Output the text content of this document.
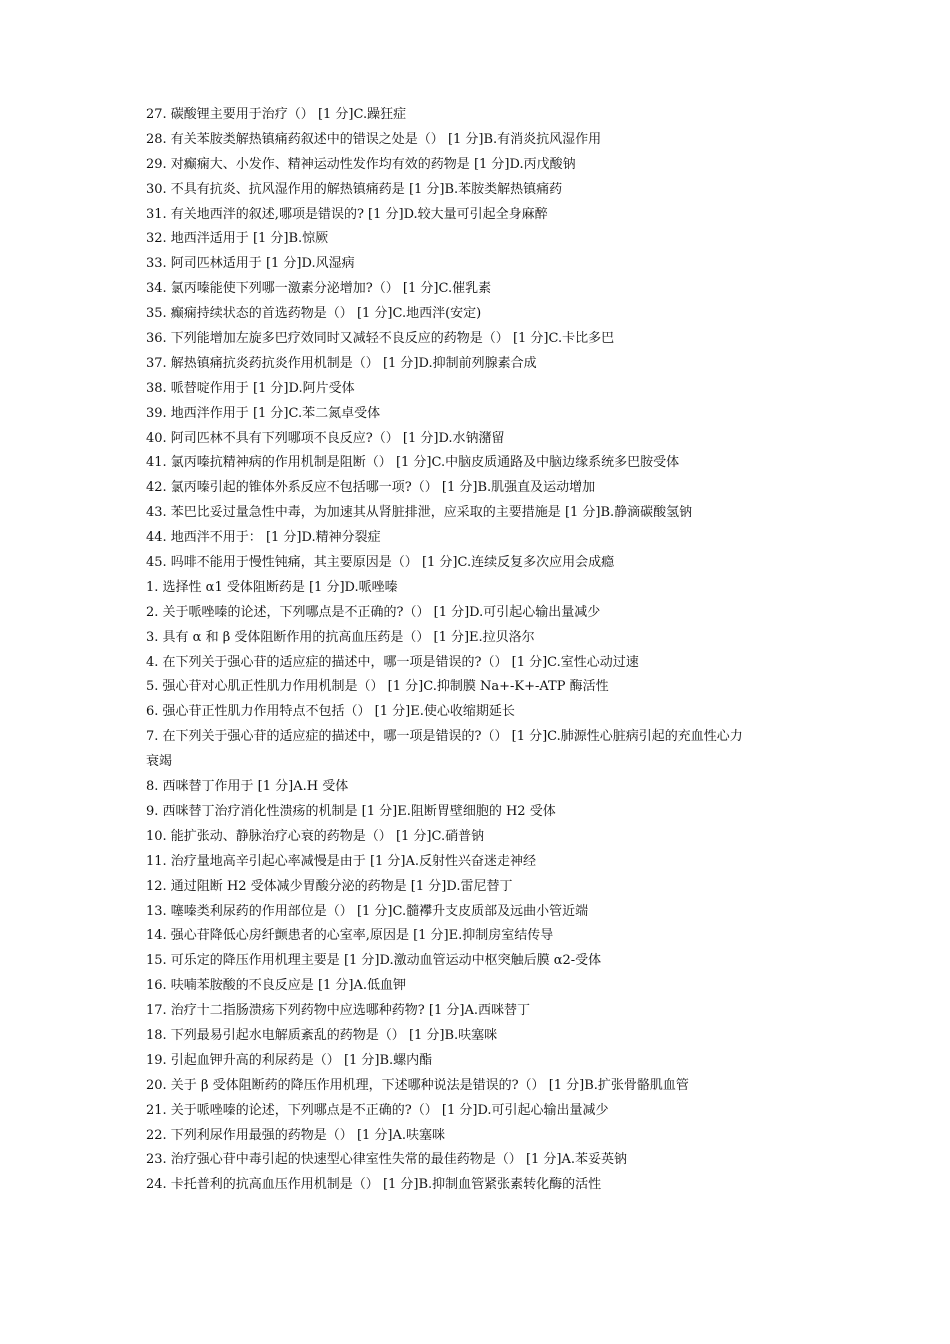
27. 碳酸锂主要用于治疗（） [1 分]C.躁狂症
28. 有关苯胺类解热镇痛药叙述中的错误之处是（） [1 分]B.有消炎抗风湿作用
29. 对癫痫大、小发作、精神运动性发作均有效的药物是 [1 分]D.丙戊酸钠
30. 不具有抗炎、抗风湿作用的解热镇痛药是 [1 分]B.苯胺类解热镇痛药
31. 有关地西泮的叙述,哪项是错误的? [1 分]D.较大量可引起全身麻醉
32. 地西泮适用于 [1 分]B.惊厥
33. 阿司匹林适用于 [1 分]D.风湿病
34. 氯丙嗪能使下列哪一激素分泌增加?（） [1 分]C.催乳素
35. 癫痫持续状态的首选药物是（） [1 分]C.地西泮(安定)
36. 下列能增加左旋多巴疗效同时又减轻不良反应的药物是（） [1 分]C.卡比多巴
37. 解热镇痛抗炎药抗炎作用机制是（） [1 分]D.抑制前列腺素合成
38. 哌替啶作用于 [1 分]D.阿片受体
39. 地西泮作用于 [1 分]C.苯二氮卓受体
40. 阿司匹林不具有下列哪项不良反应?（） [1 分]D.水钠潴留
41. 氯丙嗪抗精神病的作用机制是阻断（） [1 分]C.中脑皮质通路及中脑边缘系统多巴胺受体
42. 氯丙嗪引起的锥体外系反应不包括哪一项?（） [1 分]B.肌强直及运动增加
43. 苯巴比妥过量急性中毒，为加速其从肾脏排泄，应采取的主要措施是 [1 分]B.静滴碳酸氢钠
44. 地西泮不用于： [1 分]D.精神分裂症
45. 吗啡不能用于慢性钝痛，其主要原因是（） [1 分]C.连续反复多次应用会成瘾
1. 选择性 α1 受体阻断药是 [1 分]D.哌唑嗪
2. 关于哌唑嗪的论述，下列哪点是不正确的?（） [1 分]D.可引起心输出量减少
3. 具有 α 和 β 受体阻断作用的抗高血压药是（） [1 分]E.拉贝洛尔
4. 在下列关于强心苷的适应症的描述中，哪一项是错误的?（） [1 分]C.室性心动过速
5. 强心苷对心肌正性肌力作用机制是（） [1 分]C.抑制膜 Na+-K+-ATP 酶活性
6. 强心苷正性肌力作用特点不包括（） [1 分]E.使心收缩期延长
7. 在下列关于强心苷的适应症的描述中，哪一项是错误的?（） [1 分]C.肺源性心脏病引起的充血性心力
衰竭
8. 西咪替丁作用于 [1 分]A.H 受体
9. 西咪替丁治疗消化性溃疡的机制是 [1 分]E.阻断胃壁细胞的 H2 受体
10. 能扩张动、静脉治疗心衰的药物是（） [1 分]C.硝普钠
11. 治疗量地高辛引起心率减慢是由于 [1 分]A.反射性兴奋迷走神经
12. 通过阻断 H2 受体减少胃酸分泌的药物是 [1 分]D.雷尼替丁
13. 噻嗪类利尿药的作用部位是（） [1 分]C.髓襻升支皮质部及远曲小管近端
14. 强心苷降低心房纤颤患者的心室率,原因是 [1 分]E.抑制房室结传导
15. 可乐定的降压作用机理主要是 [1 分]D.激动血管运动中枢突触后膜 α2-受体
16. 呋喃苯胺酸的不良反应是 [1 分]A.低血钾
17. 治疗十二指肠溃疡下列药物中应选哪种药物? [1 分]A.西咪替丁
18. 下列最易引起水电解质紊乱的药物是（） [1 分]B.呋塞咪
19. 引起血钾升高的利尿药是（） [1 分]B.螺内酯
20. 关于 β 受体阻断药的降压作用机理，下述哪种说法是错误的?（） [1 分]B.扩张骨骼肌血管
21. 关于哌唑嗪的论述，下列哪点是不正确的?（） [1 分]D.可引起心输出量减少
22. 下列利尿作用最强的药物是（） [1 分]A.呋塞咪
23. 治疗强心苷中毒引起的快速型心律室性失常的最佳药物是（） [1 分]A.苯妥英钠
24. 卡托普利的抗高血压作用机制是（） [1 分]B.抑制血管紧张素转化酶的活性
